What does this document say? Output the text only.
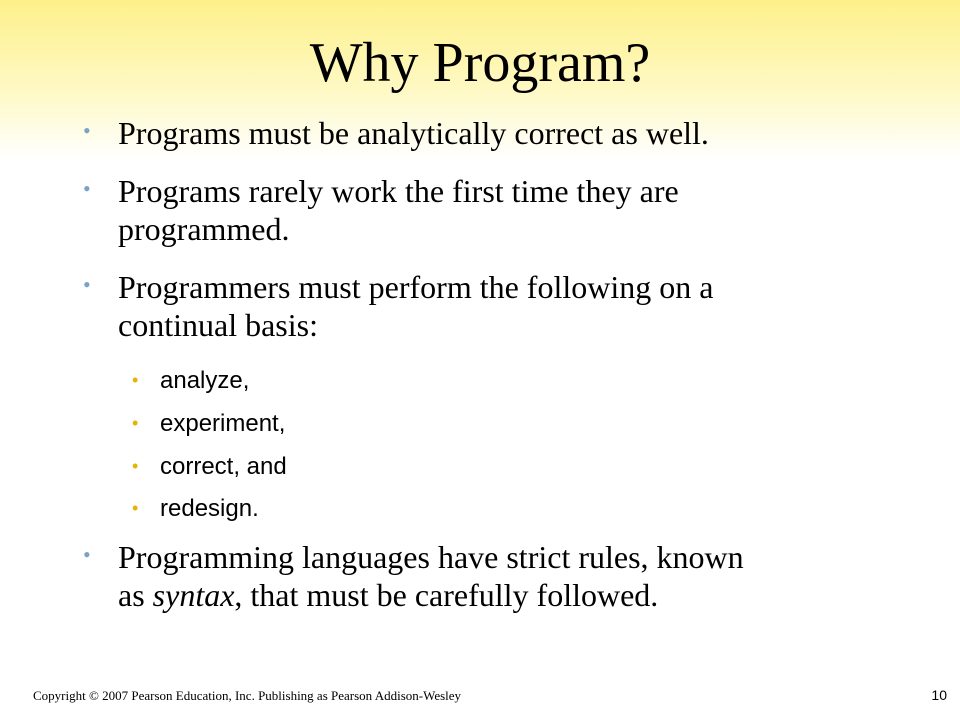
Why Program?
• Programs must be analytically correct as well.
• Programs rarely work the first time they are
programmed.
• Programmers must perform the following on a
continual basis:
• analyze,
• experiment,
• correct, and
• redesign.
• Programming languages have strict rules, known
as syntax, that must be carefully followed.
Copyright © 2007 Pearson Education, Inc. Publishing as Pearson Addison-Wesley	10
